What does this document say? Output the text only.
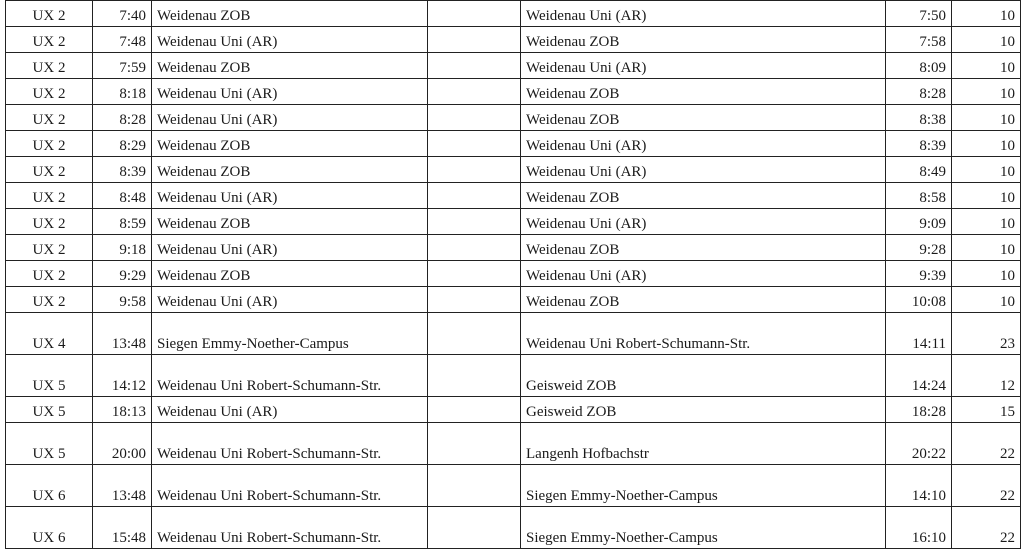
UX 2	7:40	Weidenau ZOB		Weidenau Uni (AR)	7:50	10
UX 2	7:48	Weidenau Uni (AR)		Weidenau ZOB	7:58	10
UX 2	7:59	Weidenau ZOB		Weidenau Uni (AR)	8:09	10
UX 2	8:18	Weidenau Uni (AR)		Weidenau ZOB	8:28	10
UX 2	8:28	Weidenau Uni (AR)		Weidenau ZOB	8:38	10
UX 2	8:29	Weidenau ZOB		Weidenau Uni (AR)	8:39	10
UX 2	8:39	Weidenau ZOB		Weidenau Uni (AR)	8:49	10
UX 2	8:48	Weidenau Uni (AR)		Weidenau ZOB	8:58	10
UX 2	8:59	Weidenau ZOB		Weidenau Uni (AR)	9:09	10
UX 2	9:18	Weidenau Uni (AR)		Weidenau ZOB	9:28	10
UX 2	9:29	Weidenau ZOB		Weidenau Uni (AR)	9:39	10
UX 2	9:58	Weidenau Uni (AR)		Weidenau ZOB	10:08	10
UX 4	13:48	Siegen Emmy-Noether-Campus		Weidenau Uni Robert-Schumann-Str.	14:11	23
UX 5	14:12	Weidenau Uni Robert-Schumann-Str.		Geisweid ZOB	14:24	12
UX 5	18:13	Weidenau Uni (AR)		Geisweid ZOB	18:28	15
UX 5	20:00	Weidenau Uni Robert-Schumann-Str.		Langenh Hofbachstr	20:22	22
UX 6	13:48	Weidenau Uni Robert-Schumann-Str.		Siegen Emmy-Noether-Campus	14:10	22
UX 6	15:48	Weidenau Uni Robert-Schumann-Str.		Siegen Emmy-Noether-Campus	16:10	22
